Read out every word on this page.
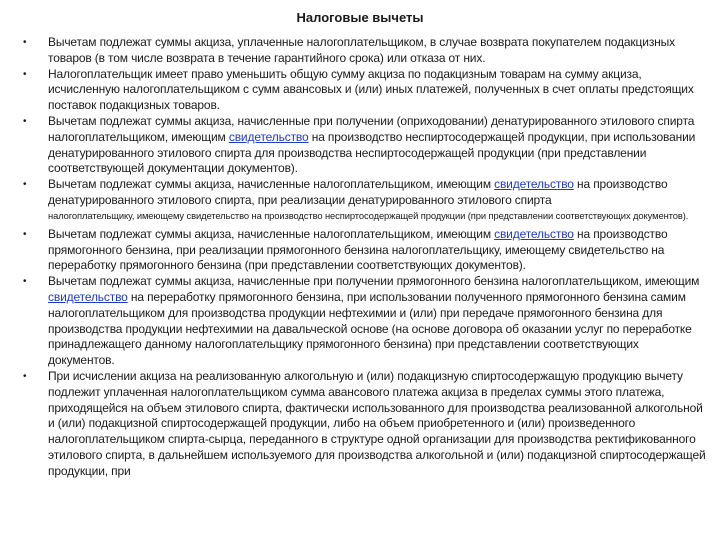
Налоговые вычеты
•	Вычетам подлежат суммы акциза, уплаченные налогоплательщиком, в случае возврата покупателем подакцизных товаров (в том числе возврата в течение гарантийного срока) или отказа от них.
•	Налогоплательщик имеет право уменьшить общую сумму акциза по подакцизным товарам на сумму акциза, исчисленную налогоплательщиком с сумм авансовых и (или) иных платежей, полученных в счет оплаты предстоящих поставок подакцизных товаров.
•	Вычетам подлежат суммы акциза, начисленные при получении (оприходовании) денатурированного этилового спирта налогоплательщиком, имеющим свидетельство на производство неспиртосодержащей продукции, при использовании денатурированного этилового спирта для производства неспиртосодержащей продукции (при представлении соответствующей документации документов).
•	Вычетам подлежат суммы акциза, начисленные налогоплательщиком, имеющим свидетельство на производство денатурированного этилового спирта, при реализации денатурированного этилового спирта
налогоплательщику, имеющему свидетельство на производство неспиртосодержащей продукции (при представлении соответствующих документов).
•	Вычетам подлежат суммы акциза, начисленные налогоплательщиком, имеющим свидетельство на производство прямогонного бензина, при реализации прямогонного бензина налогоплательщику, имеющему свидетельство на переработку прямогонного бензина (при представлении соответствующих документов).
•	Вычетам подлежат суммы акциза, начисленные при получении прямогонного бензина налогоплательщиком, имеющим свидетельство на переработку прямогонного бензина, при использовании полученного прямогонного бензина самим налогоплательщиком для производства продукции нефтехимии и (или) при передаче прямогонного бензина для производства продукции нефтехимии на давальческой основе (на основе договора об оказании услуг по переработке принадлежащего данному налогоплательщику прямогонного бензина) при представлении соответствующих документов.
•	При исчислении акциза на реализованную алкогольную и (или) подакцизную спиртосодержащую продукцию вычету подлежит уплаченная налогоплательщиком сумма авансового платежа акциза в пределах суммы этого платежа, приходящейся на объем этилового спирта, фактически использованного для производства реализованной алкогольной и (или) подакцизной спиртосодержащей продукции, либо на объем приобретенного и (или) произведенного налогоплательщиком спирта-сырца, переданного в структуре одной организации для производства ректификованного этилового спирта, в дальнейшем используемого для производства алкогольной и (или) подакцизной спиртосодержащей продукции, при
